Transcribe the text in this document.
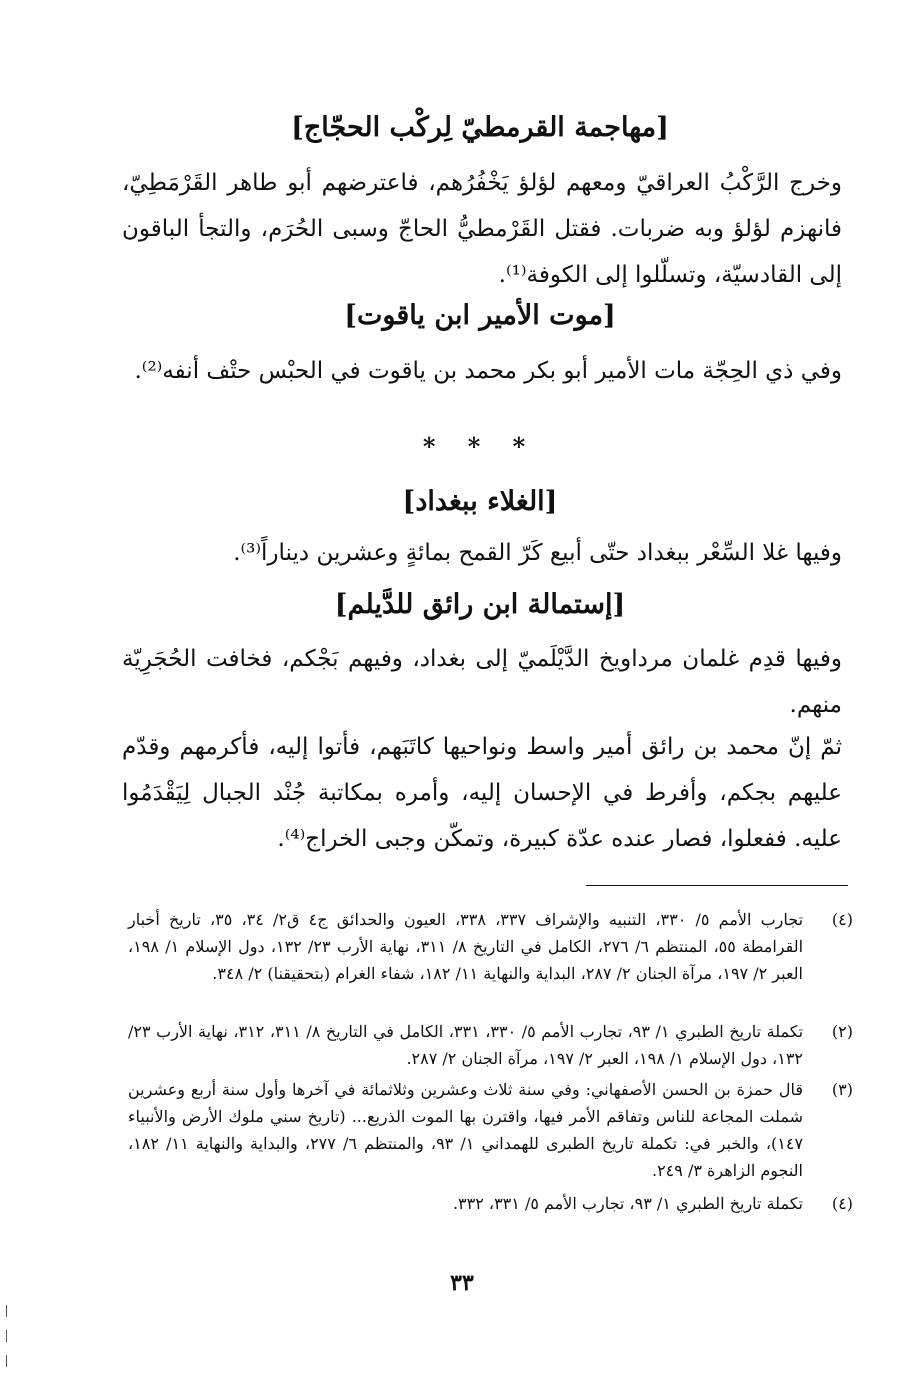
[مهاجمة القرمطيّ لِركْب الحجّاج]
وخرج الرَّكْبُ العراقيّ ومعهم لؤلؤ يَخْفُرُهم، فاعترضهم أبو طاهر القَرْمَطِيّ، فانهزم لؤلؤ وبه ضربات. فقتل القَرْمطيُّ الحاجّ وسبى الحُرَم، والتجأ الباقون إلى القادسيّة، وتسلّلوا إلى الكوفة⁽¹⁾.
[موت الأمير ابن ياقوت]
وفي ذي الحِجّة مات الأمير أبو بكر محمد بن ياقوت في الحبْس حتْف أنفه⁽²⁾.
* * *
[الغلاء ببغداد]
وفيها غلا السِّعْر ببغداد حتّى أبيع كَرّ القمح بمائةٍ وعشرين ديناراً⁽³⁾.
[إستمالة ابن رائق للدَّيلم]
وفيها قدِم غلمان مرداويخ الدَّيْلَميّ إلى بغداد، وفيهم بَجْكم، فخافت الحُجَرِيّة منهم.
ثمّ إنّ محمد بن رائق أمير واسط ونواحيها كاتَبَهم، فأتوا إليه، فأكرمهم وقدّم عليهم بجكم، وأفرط في الإحسان إليه، وأمره بمكاتبة جُنْد الجبال لِيَقْدَمُوا عليه. ففعلوا، فصار عنده عدّة كبيرة، وتمكّن وجبى الخراج⁽⁴⁾.
(٤)
تجارب الأمم ٥/ ٣٣٠، التنبيه والإشراف ٣٣٧، ٣٣٨، العيون والحدائق ج٤ ق٢/ ٣٤، ٣٥، تاريخ أخبار القرامطة ٥٥، المنتظم ٦/ ٢٧٦، الكامل في التاريخ ٨/ ٣١١، نهاية الأرب ٢٣/ ١٣٢، دول الإسلام ١/ ١٩٨، العبر ٢/ ١٩٧، مرآة الجنان ٢/ ٢٨٧، البداية والنهاية ١١/ ١٨٢، شفاء الغرام (بتحقيقنا) ٢/ ٣٤٨.
(٢)
تكملة تاريخ الطبري ١/ ٩٣، تجارب الأمم ٥/ ٣٣٠، ٣٣١، الكامل في التاريخ ٨/ ٣١١، ٣١٢، نهاية الأرب ٢٣/ ١٣٢، دول الإسلام ١/ ١٩٨، العبر ٢/ ١٩٧، مرآة الجنان ٢/ ٢٨٧.
(٣)
قال حمزة بن الحسن الأصفهاني: وفي سنة ثلاث وعشرين وثلاثمائة في آخرها وأول سنة أربع وعشرين شملت المجاعة للناس وتفاقم الأمر فيها، واقترن بها الموت الذريع... (تاريخ سني ملوك الأرض والأنبياء ١٤٧)، والخبر في: تكملة تاريخ الطبرى للهمداني ١/ ٩٣، والمنتظم ٦/ ٢٧٧، والبداية والنهاية ١١/ ١٨٢، النجوم الزاهرة ٣/ ٢٤٩.
(٤)
تكملة تاريخ الطبري ١/ ٩٣، تجارب الأمم ٥/ ٣٣١، ٣٣٢.
٣٣
